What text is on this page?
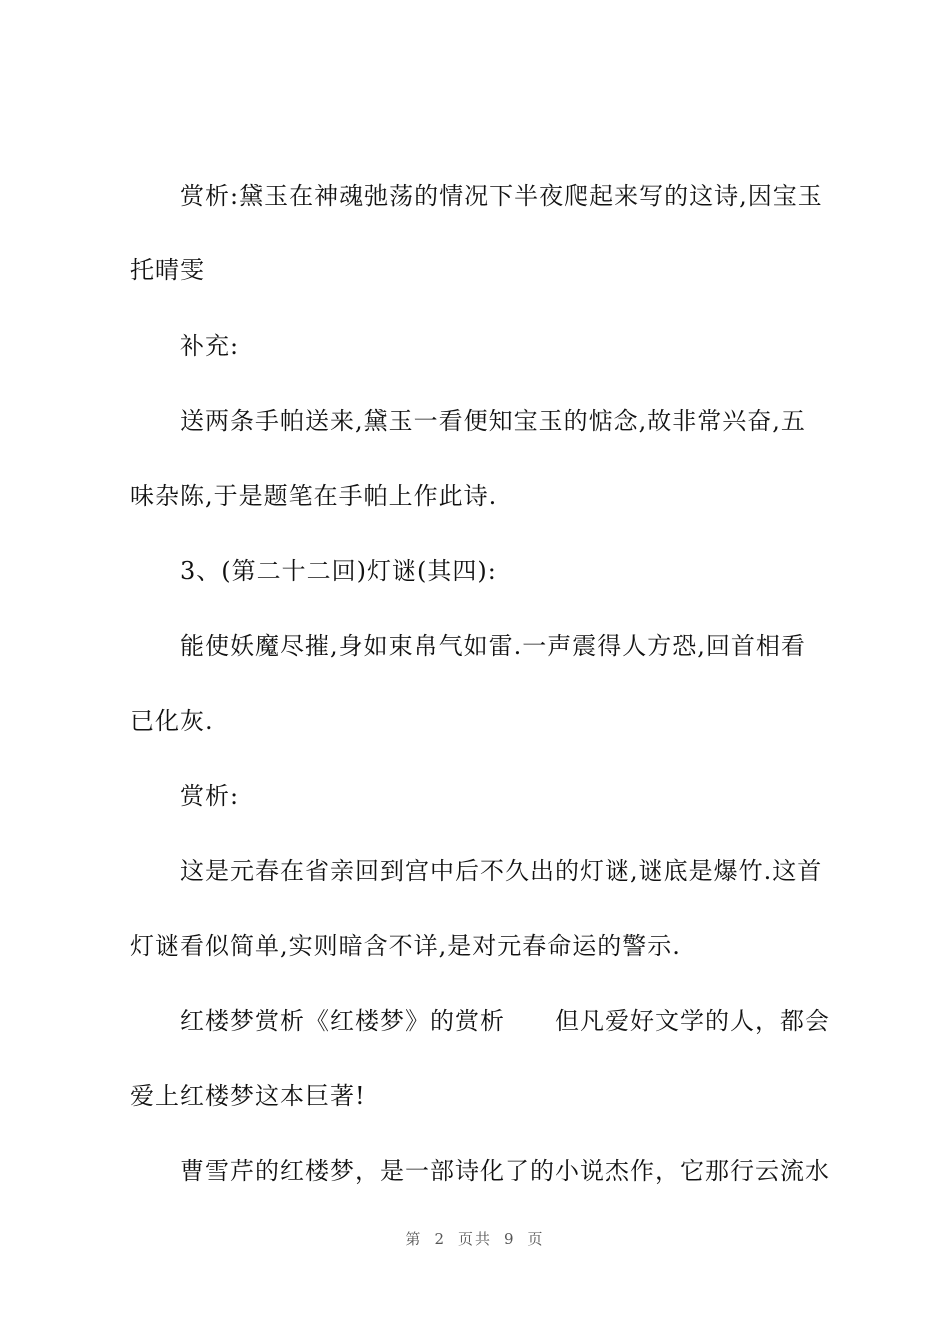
赏析:黛玉在神魂弛荡的情况下半夜爬起来写的这诗,因宝玉
托晴雯
补充:
送两条手帕送来,黛玉一看便知宝玉的惦念,故非常兴奋,五
味杂陈,于是题笔在手帕上作此诗.
3、(第二十二回)灯谜(其四):
能使妖魔尽摧,身如束帛气如雷.一声震得人方恐,回首相看
已化灰.
赏析:
这是元春在省亲回到宫中后不久出的灯谜,谜底是爆竹.这首
灯谜看似简单,实则暗含不详,是对元春命运的警示.
红楼梦赏析《红楼梦》的赏析　　但凡爱好文学的人，都会
爱上红楼梦这本巨著!
曹雪芹的红楼梦，是一部诗化了的小说杰作，它那行云流水
第 2 页共 9 页
